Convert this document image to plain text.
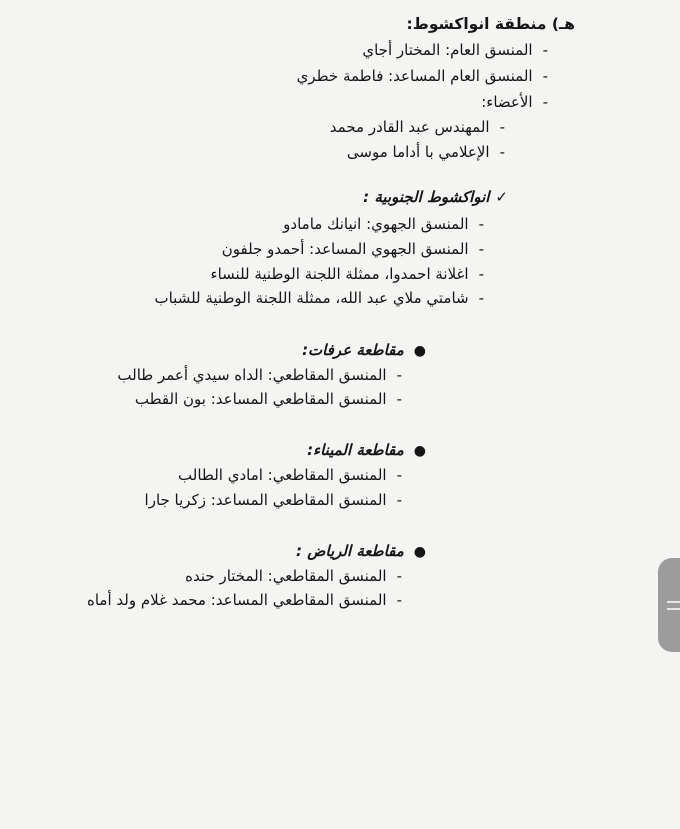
هـ) منطقة انواكشوط:
-المنسق العام: المختار أجاي
-المنسق العام المساعد: فاطمة خطري
-الأعضاء:
-المهندس عبد القادر محمد
-الإعلامي با أداما موسى
✓انواكشوط الجنوبية :
-المنسق الجهوي: انيانك مامادو
-المنسق الجهوي المساعد: أحمدو جلفون
-اغلانة احمدوا، ممثلة اللجنة الوطنية للنساء
-شامتي ملاي عبد الله، ممثلة اللجنة الوطنية للشباب
●مقاطعة عرفات:
-المنسق المقاطعي: الداه سيدي أعمر طالب
-المنسق المقاطعي المساعد: بون القطب
●مقاطعة الميناء:
-المنسق المقاطعي: امادي الطالب
-المنسق المقاطعي المساعد: زكريا جارا
●مقاطعة الرياض :
-المنسق المقاطعي: المختار حنده
-المنسق المقاطعي المساعد: محمد غلام ولد أماه
